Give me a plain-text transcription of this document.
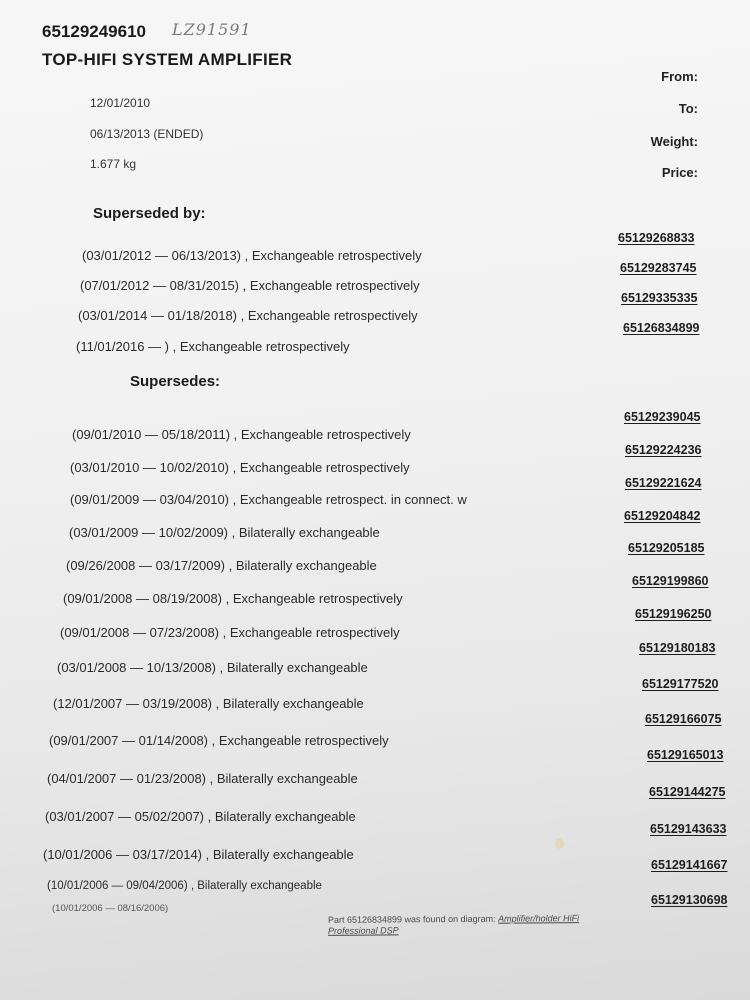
65129249610 LZ91591
TOP-HIFI SYSTEM AMPLIFIER
12/01/2010
06/13/2013 (ENDED)
1.677 kg
From:
To:
Weight:
Price:
Superseded by:
(03/01/2012 — 06/13/2013) , Exchangeable retrospectively
65129268833
(07/01/2012 — 08/31/2015) , Exchangeable retrospectively
65129283745
(03/01/2014 — 01/18/2018) , Exchangeable retrospectively
65129335335
(11/01/2016 — ) , Exchangeable retrospectively
65126834899
Supersedes:
(09/01/2010 — 05/18/2011) , Exchangeable retrospectively
65129239045
(03/01/2010 — 10/02/2010) , Exchangeable retrospectively
65129224236
(09/01/2009 — 03/04/2010) , Exchangeable retrospect. in connect. w
65129221624
(03/01/2009 — 10/02/2009) , Bilaterally exchangeable
65129204842
(09/26/2008 — 03/17/2009) , Bilaterally exchangeable
65129205185
(09/01/2008 — 08/19/2008) , Exchangeable retrospectively
65129199860
(09/01/2008 — 07/23/2008) , Exchangeable retrospectively
65129196250
(03/01/2008 — 10/13/2008) , Bilaterally exchangeable
65129180183
(12/01/2007 — 03/19/2008) , Bilaterally exchangeable
65129177520
(09/01/2007 — 01/14/2008) , Exchangeable retrospectively
65129166075
(04/01/2007 — 01/23/2008) , Bilaterally exchangeable
65129165013
(03/01/2007 — 05/02/2007) , Bilaterally exchangeable
65129144275
(10/01/2006 — 03/17/2014) , Bilaterally exchangeable
65129143633
(10/01/2006 — 09/04/2006) , Bilaterally exchangeable
65129141667
(10/01/2006 — 08/16/2006)
65129130698
Part 65126834899 was found on diagram: Amplifier/holder HiFi
Professional DSP
